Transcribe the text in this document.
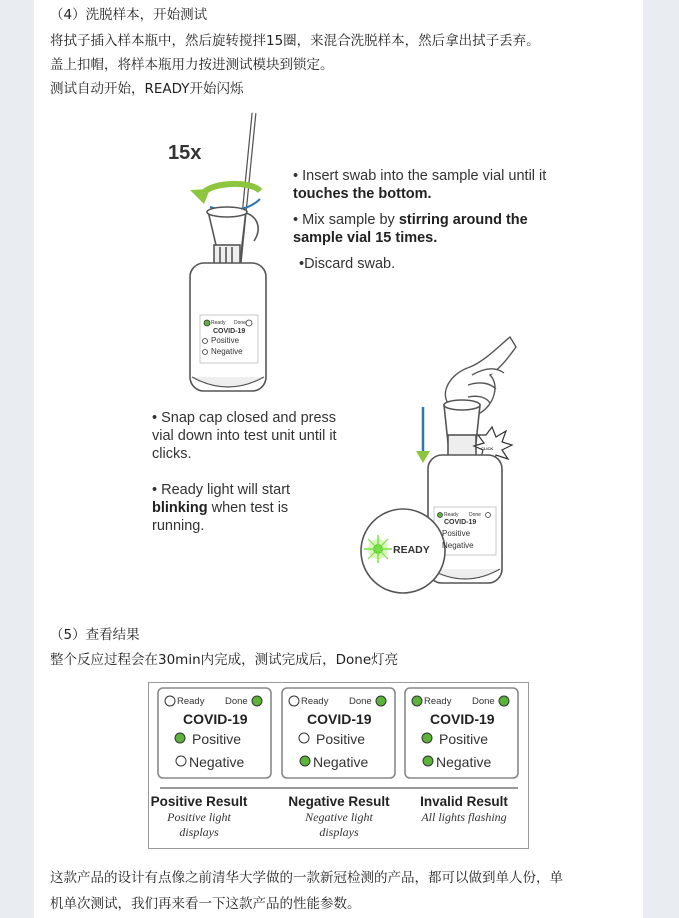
（4）洗脱样本，开始测试
将拭子插入样本瓶中，然后旋转搅拌15圈，来混合洗脱样本，然后拿出拭子丢弃。
盖上扣帽，将样本瓶用力按进测试模块到锁定。
测试自动开始，READY开始闪烁
15x
Ready Done
COVID-19
Positive
Negative
Ready Done
COVID-19
Positive
Negative
CLICK
READY
• Insert swab into the sample vial until it touches the bottom.
• Mix sample by stirring around the sample vial 15 times.
•Discard swab.
• Snap cap closed and press vial down into test unit until it clicks.
• Ready light will start blinking when test is running.
（5）查看结果
整个反应过程会在30min内完成，测试完成后，Done灯亮
Ready Done
COVID-19
Positive
Negative
Ready Done
COVID-19
Positive
Negative
Ready Done
COVID-19
Positive
Negative
Positive Result
Positive light displays
Negative Result
Negative light displays
Invalid Result
All lights flashing
这款产品的设计有点像之前清华大学做的一款新冠检测的产品，都可以做到单人份，单
机单次测试，我们再来看一下这款产品的性能参数。
